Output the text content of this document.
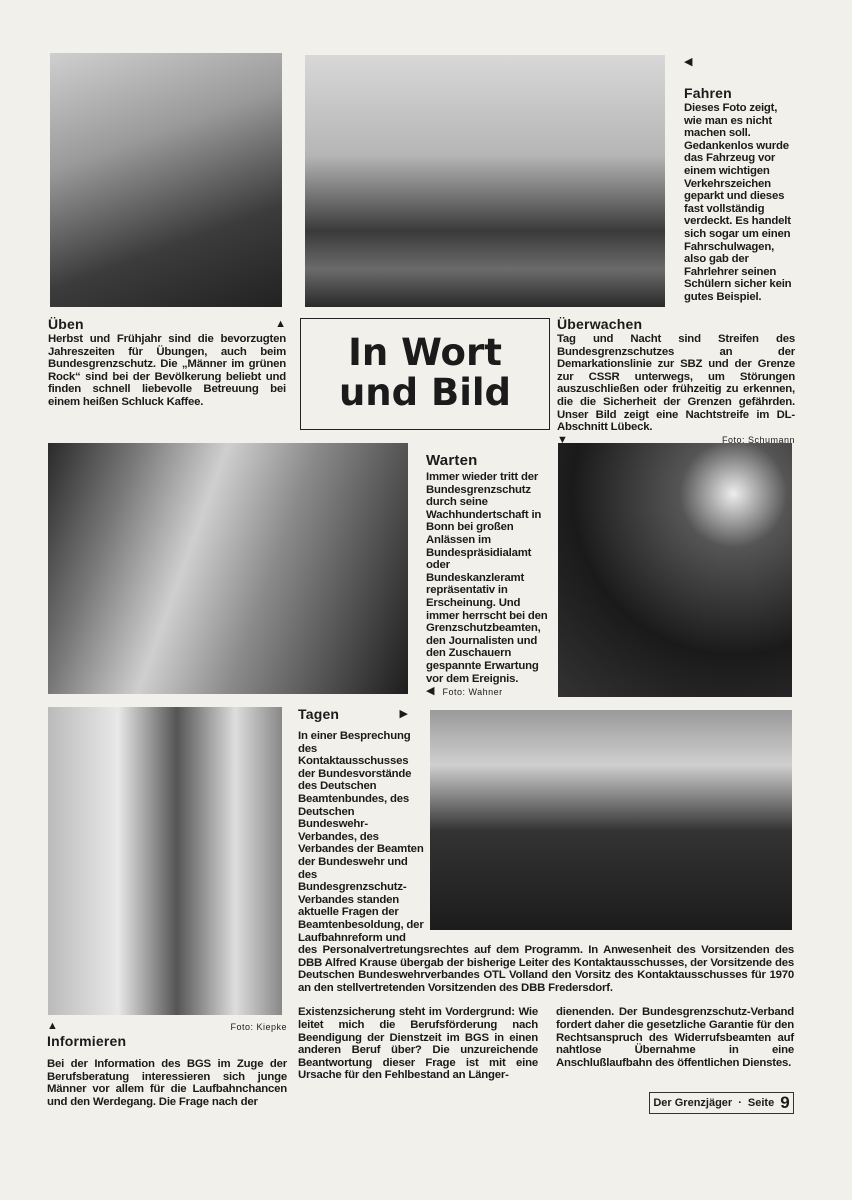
◀
Fahren
Dieses Foto zeigt, wie man es nicht machen soll. Gedankenlos wurde das Fahrzeug vor einem wichtigen Verkehrszeichen geparkt und dieses fast vollständig verdeckt. Es handelt sich sogar um einen Fahrschulwagen, also gab der Fahrlehrer seinen Schülern sicher kein gutes Beispiel.
Üben	▲
Herbst und Frühjahr sind die bevorzugten Jahreszeiten für Übungen, auch beim Bundesgrenzschutz. Die „Männer im grünen Rock“ sind bei der Bevölkerung beliebt und finden schnell liebevolle Betreuung bei einem heißen Schluck Kaffee.
In Wort
und Bild
Überwachen
Tag und Nacht sind Streifen des Bundesgrenzschutzes an der Demarkationslinie zur SBZ und der Grenze zur CSSR unterwegs, um Störungen auszuschließen oder frühzeitig zu erkennen, die die Sicherheit der Grenzen gefährden. Unser Bild zeigt eine Nachtstreife im DL-Abschnitt Lübeck.
▼	Foto: Schumann
Warten
Immer wieder tritt der Bundesgrenzschutz durch seine Wachhundertschaft in Bonn bei großen Anlässen im Bundespräsidialamt oder Bundeskanzleramt repräsentativ in Erscheinung. Und immer herrscht bei den Grenzschutzbeamten, den Journalisten und den Zuschauern gespannte Erwartung vor dem Ereignis.
◀ Foto: Wahner
▲	Foto: Kiepke
Informieren
Bei der Information des BGS im Zuge der Berufsberatung interessieren sich junge Männer vor allem für die Laufbahnchancen und den Werdegang. Die Frage nach der
Tagen	▶
In einer Besprechung des Kontaktausschusses der Bundesvorstände des Deutschen Beamtenbundes, des Deutschen Bundeswehr-Verbandes, des Verbandes der Beamten der Bundeswehr und des Bundesgrenzschutz-Verbandes standen aktuelle Fragen der Beamtenbesoldung, der Laufbahnreform und
des Personalvertretungsrechtes auf dem Programm. In Anwesenheit des Vorsitzenden des DBB Alfred Krause übergab der bisherige Leiter des Kontaktausschusses, der Vorsitzende des Deutschen Bundeswehrverbandes OTL Volland den Vorsitz des Kontaktausschusses für 1970 an den stellvertretenden Vorsitzenden des DBB Fredersdorf.
Existenzsicherung steht im Vordergrund: Wie leitet mich die Berufsförderung nach Beendigung der Dienstzeit im BGS in einen anderen Beruf über? Die unzureichende Beantwortung dieser Frage ist mit eine Ursache für den Fehlbestand an Länger-
dienenden. Der Bundesgrenzschutz-Verband fordert daher die gesetzliche Garantie für den Rechtsanspruch des Widerrufsbeamten auf nahtlose Übernahme in eine Anschlußlaufbahn des öffentlichen Dienstes.
Der Grenzjäger · Seite 9
